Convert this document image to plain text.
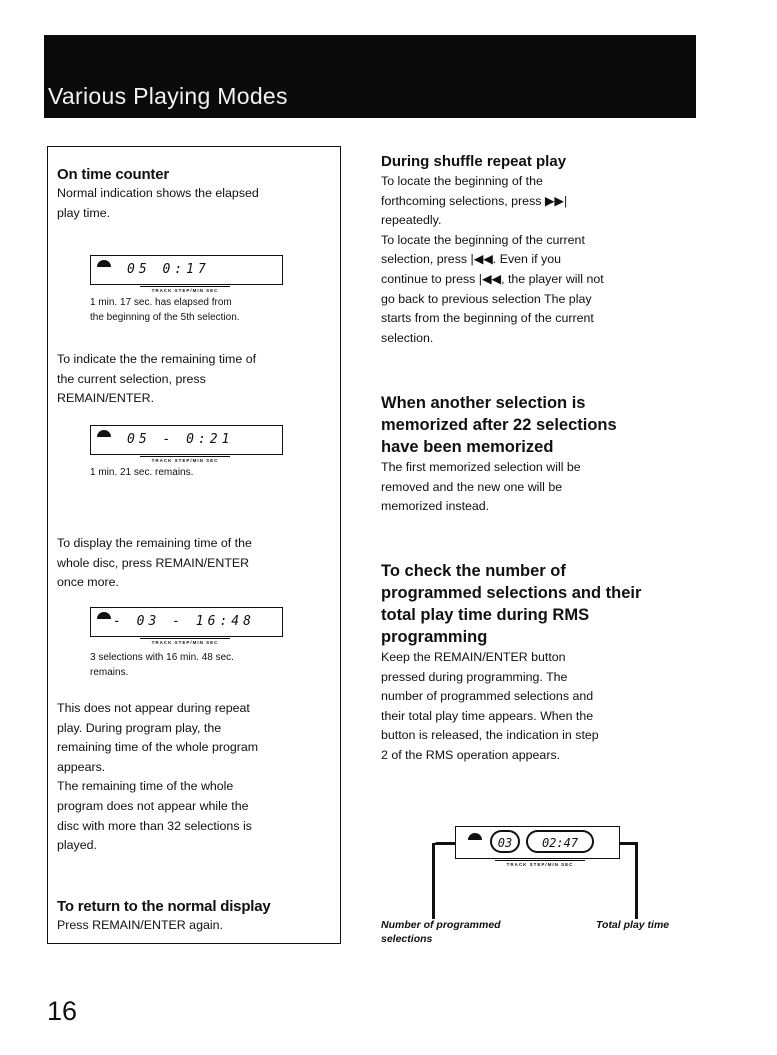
Various Playing Modes
On time counter
Normal indication shows the elapsed
play time.
05 0:17
TRACK STEP/MIN SEC
1 min. 17 sec. has elapsed from
the beginning of the 5th selection.
To indicate the the remaining time of
the current selection, press
REMAIN/ENTER.
05 - 0:21
TRACK STEP/MIN SEC
1 min. 21 sec. remains.
To display the remaining time of the
whole disc, press REMAIN/ENTER
once more.
- 03 - 16:48
TRACK STEP/MIN SEC
3 selections with 16 min. 48 sec.
remains.
This does not appear during repeat
play. During program play, the
remaining time of the whole program
appears.
The remaining time of the whole
program does not appear while the
disc with more than 32 selections is
played.
To return to the normal display
Press REMAIN/ENTER again.
During shuffle repeat play
To locate the beginning of the
forthcoming selections, press ▶▶|
repeatedly.
To locate the beginning of the current
selection, press |◀◀. Even if you
continue to press |◀◀, the player will not
go back to previous selection The play
starts from the beginning of the current
selection.
When another selection is
memorized after 22 selections
have been memorized
The first memorized selection will be
removed and the new one will be
memorized instead.
To check the number of
programmed selections and their
total play time during RMS
programming
Keep the REMAIN/ENTER button
pressed during programming. The
number of programmed selections and
their total play time appears. When the
button is released, the indication in step
2 of the RMS operation appears.
03	02:47
TRACK STEP/MIN SEC
Number of programmed
selections
Total play time
16
